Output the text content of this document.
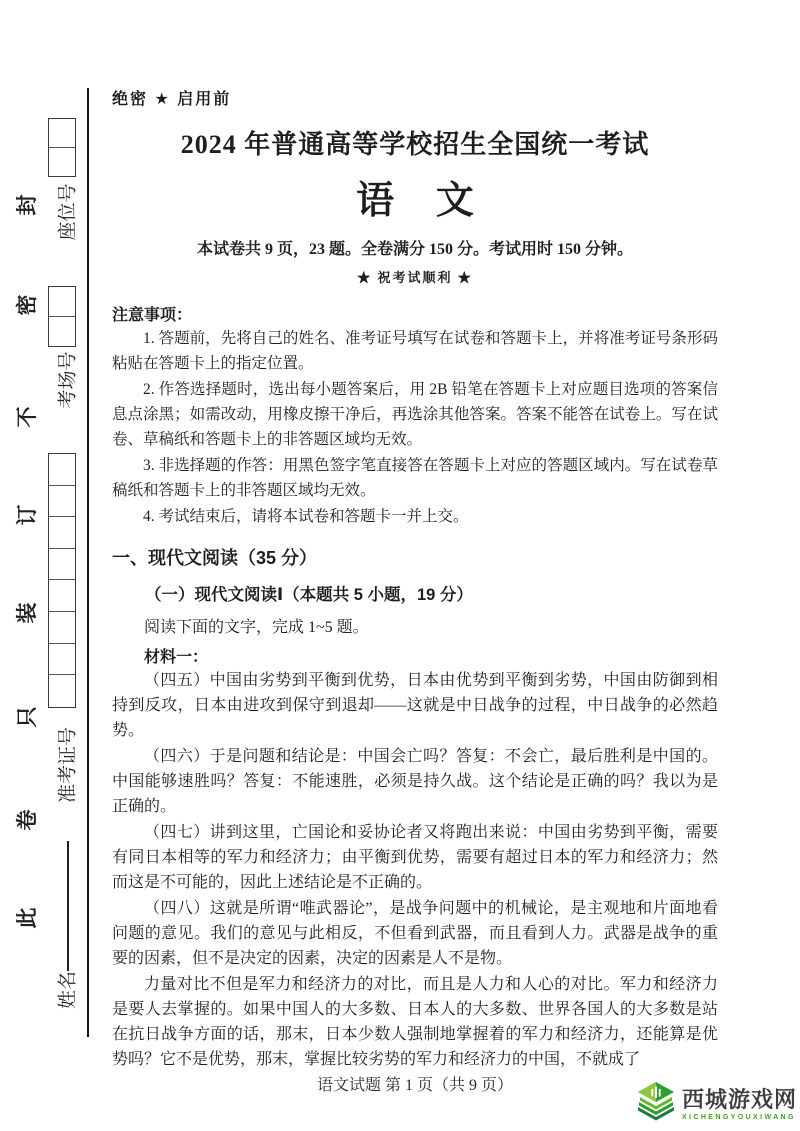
封
密
不
订
装
只
卷
此
座位号
考场号
准考证号
姓名
绝密 ★ 启用前
2024 年普通高等学校招生全国统一考试
语文
本试卷共 9 页，23 题。全卷满分 150 分。考试用时 150 分钟。
★ 祝考试顺利 ★
注意事项：

1. 答题前，先将自己的姓名、准考证号填写在试卷和答题卡上，并将准考证号条形码粘贴在答题卡上的指定位置。

2. 作答选择题时，选出每小题答案后，用 2B 铅笔在答题卡上对应题目选项的答案信息点涂黑；如需改动，用橡皮擦干净后，再选涂其他答案。答案不能答在试卷上。写在试卷、草稿纸和答题卡上的非答题区域均无效。

3. 非选择题的作答：用黑色签字笔直接答在答题卡上对应的答题区域内。写在试卷草稿纸和答题卡上的非答题区域均无效。

4. 考试结束后，请将本试卷和答题卡一并上交。

一、现代文阅读（35 分）
（一）现代文阅读Ⅰ（本题共 5 小题，19 分）
阅读下面的文字，完成 1~5 题。
材料一：

（四五）中国由劣势到平衡到优势，日本由优势到平衡到劣势，中国由防御到相持到反攻，日本由进攻到保守到退却——这就是中日战争的过程，中日战争的必然趋势。

（四六）于是问题和结论是：中国会亡吗？答复：不会亡，最后胜利是中国的。中国能够速胜吗？答复：不能速胜，必须是持久战。这个结论是正确的吗？我以为是正确的。

（四七）讲到这里，亡国论和妥协论者又将跑出来说：中国由劣势到平衡，需要有同日本相等的军力和经济力；由平衡到优势，需要有超过日本的军力和经济力；然而这是不可能的，因此上述结论是不正确的。

（四八）这就是所谓“唯武器论”，是战争问题中的机械论，是主观地和片面地看问题的意见。我们的意见与此相反，不但看到武器，而且看到人力。武器是战争的重要的因素，但不是决定的因素，决定的因素是人不是物。

力量对比不但是军力和经济力的对比，而且是人力和人心的对比。军力和经济力是要人去掌握的。如果中国人的大多数、日本人的大多数、世界各国人的大多数是站在抗日战争方面的话，那末，日本少数人强制地掌握着的军力和经济力，还能算是优势吗？它不是优势，那末，掌握比较劣势的军力和经济力的中国，不就成了

语文试题 第 1 页（共 9 页）
西城游戏网
XICHENGYOUXIWANG
